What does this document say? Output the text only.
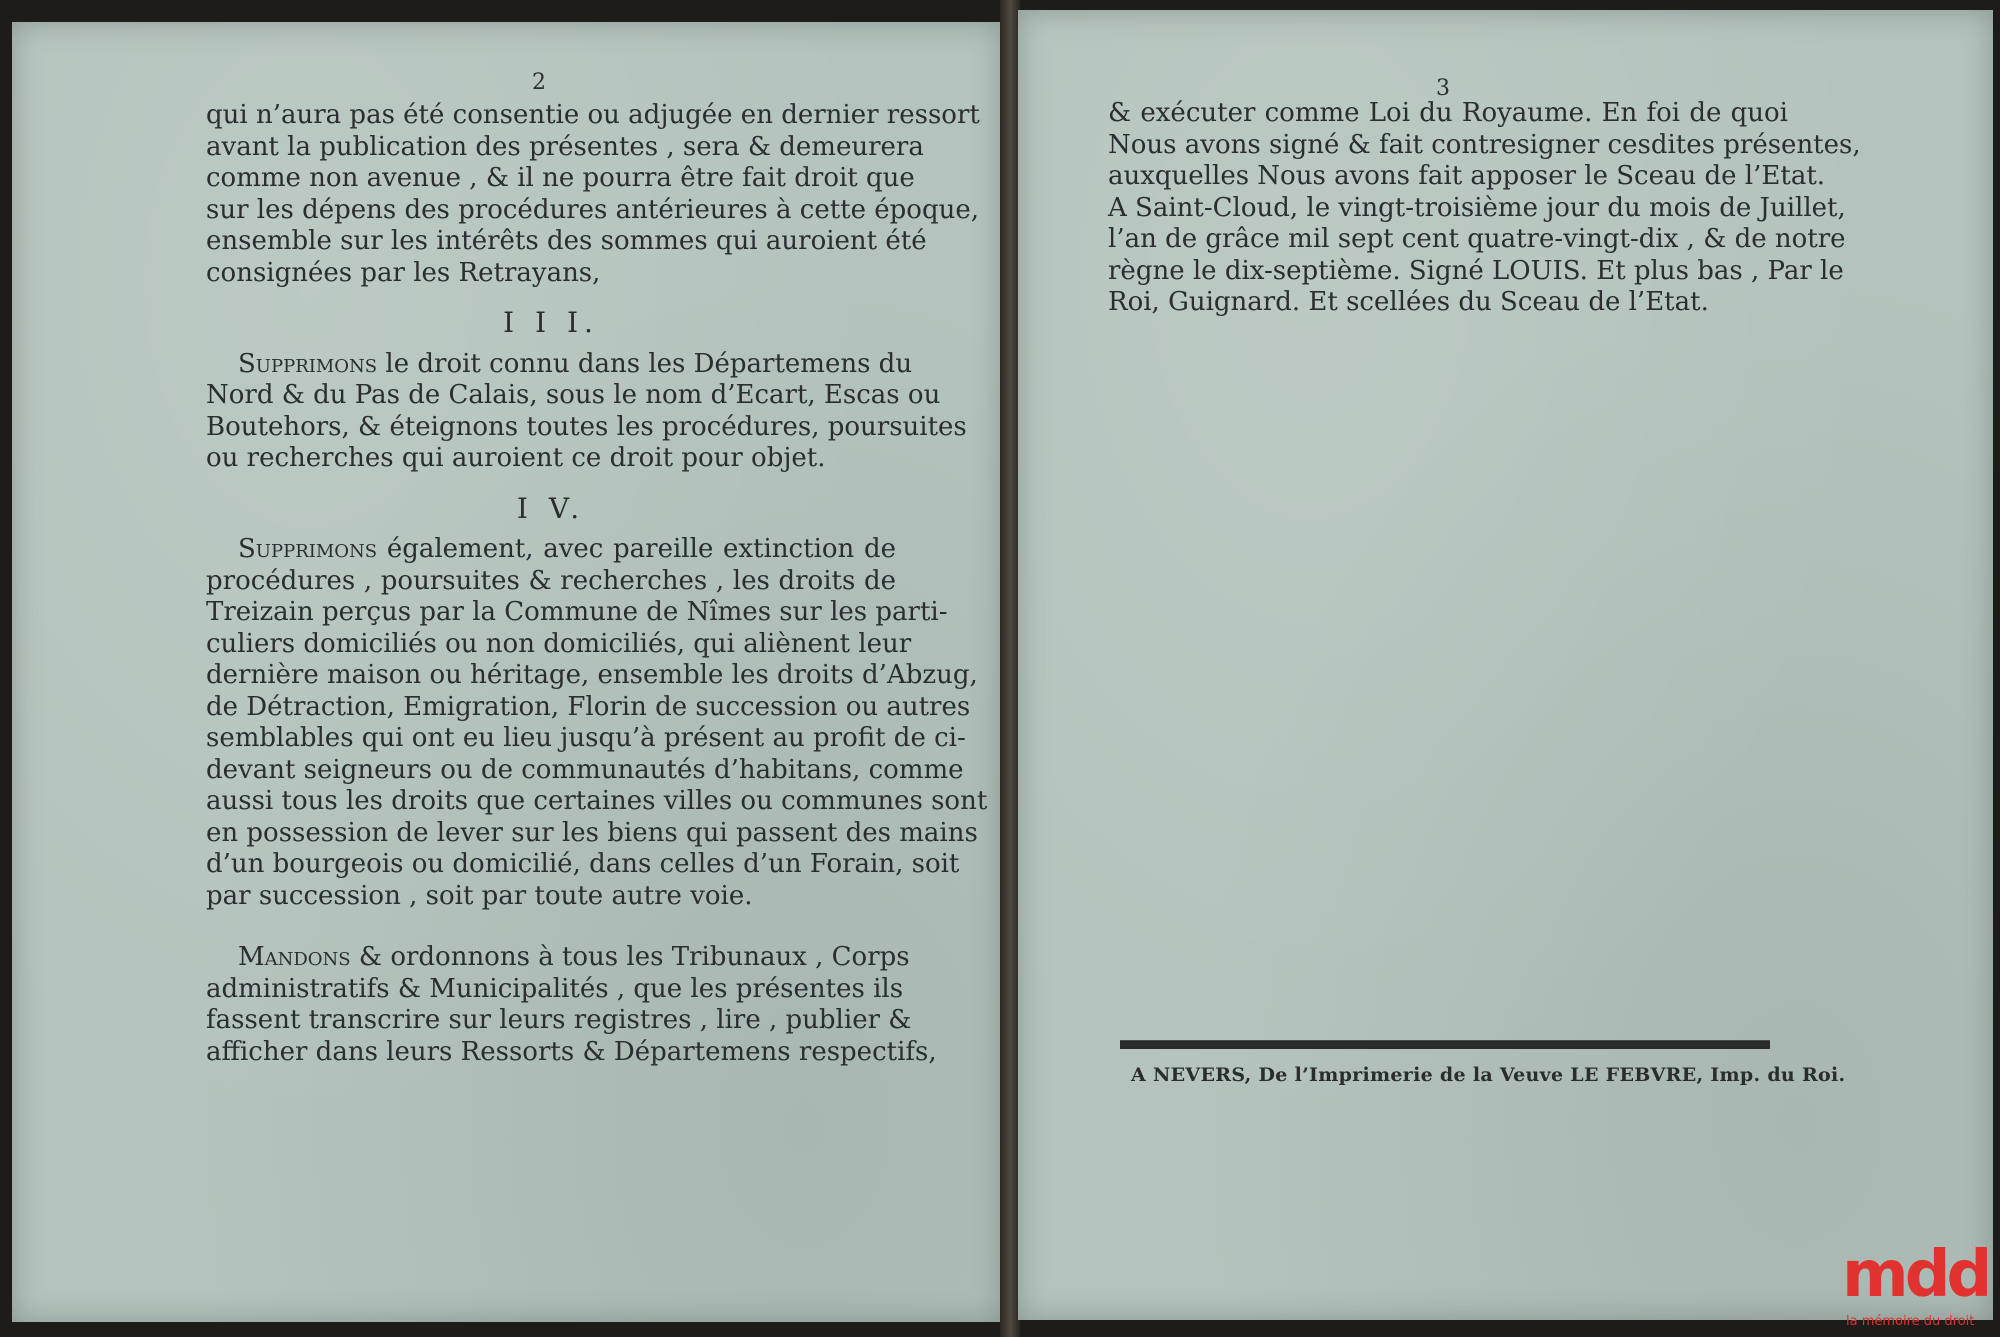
2

qui n’aura pas été consentie ou adjugée en dernier ressort
avant la publication des présentes , sera & demeurera
comme non avenue , & il ne pourra être fait droit que
sur les dépens des procédures antérieures à cette époque,
ensemble sur les intérêts des sommes qui auroient été
consignées par les Retrayans,

I I I.

Supprimons le droit connu dans les Départemens du
Nord & du Pas de Calais, sous le nom d’Ecart, Escas ou
Boutehors, & éteignons toutes les procédures, poursuites
ou recherches qui auroient ce droit pour objet.

I V.

Supprimons également, avec pareille extinction de
procédures , poursuites & recherches , les droits de
Treizain perçus par la Commune de Nîmes sur les parti-
culiers domiciliés ou non domiciliés, qui aliènent leur
dernière maison ou héritage, ensemble les droits d’Abzug,
de Détraction, Emigration, Florin de succession ou autres
semblables qui ont eu lieu jusqu’à présent au profit de ci-
devant seigneurs ou de communautés d’habitans, comme
aussi tous les droits que certaines villes ou communes sont
en possession de lever sur les biens qui passent des mains
d’un bourgeois ou domicilié, dans celles d’un Forain, soit
par succession , soit par toute autre voie.

Mandons & ordonnons à tous les Tribunaux , Corps
administratifs & Municipalités , que les présentes ils
fassent transcrire sur leurs registres , lire , publier &
afficher dans leurs Ressorts & Départemens respectifs,

3

& exécuter comme Loi du Royaume. En foi de quoi
Nous avons signé & fait contresigner cesdites présentes,
auxquelles Nous avons fait apposer le Sceau de l’Etat.
A Saint-Cloud, le vingt-troisième jour du mois de Juillet,
l’an de grâce mil sept cent quatre-vingt-dix , & de notre
règne le dix-septième. Signé LOUIS. Et plus bas , Par le
Roi, Guignard. Et scellées du Sceau de l’Etat.

A NEVERS, De l’Imprimerie de la Veuve LE FEBVRE, Imp. du Roi.
mdd
la mémoire du droit
